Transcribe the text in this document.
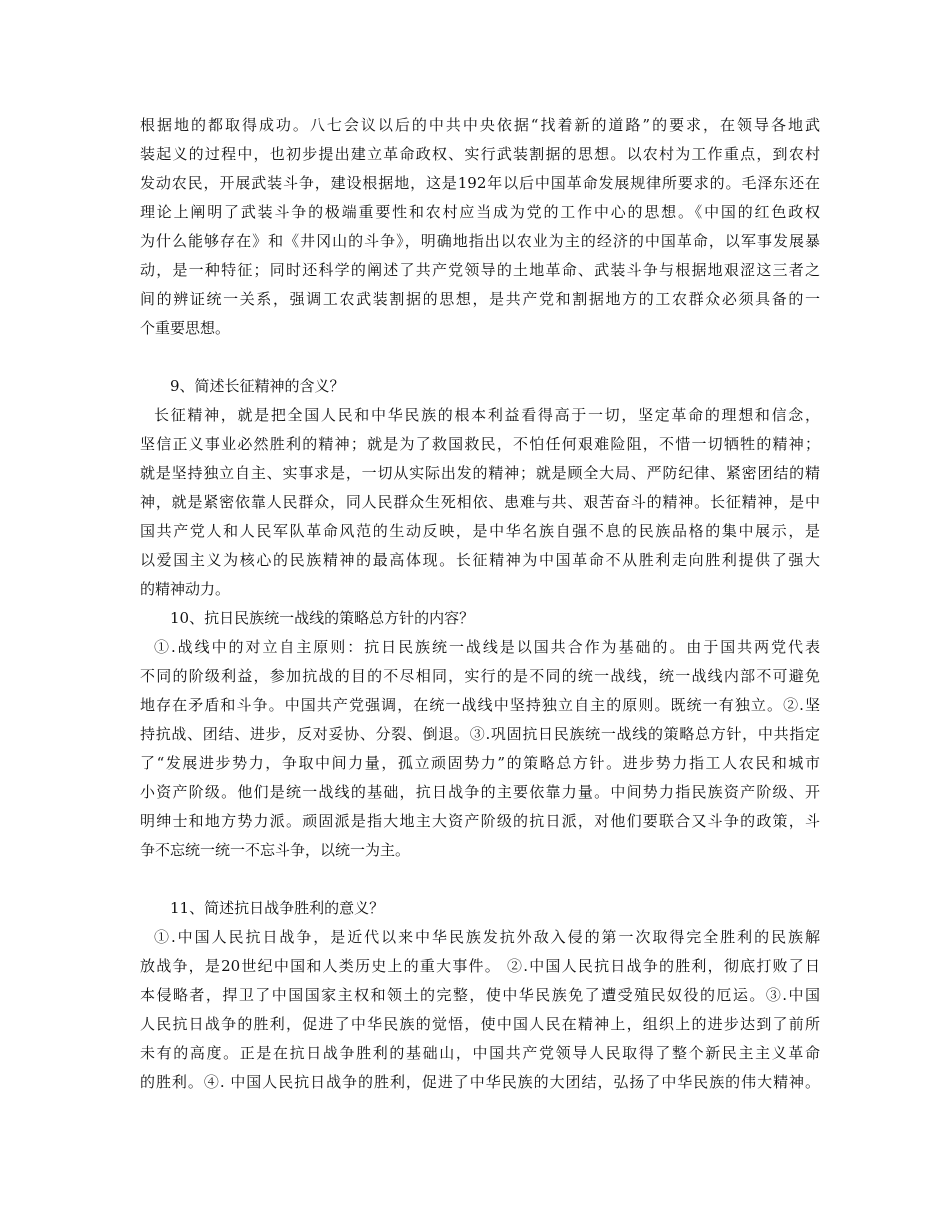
根据地的都取得成功。八七会议以后的中共中央依据“找着新的道路”的要求，在领导各地武
装起义的过程中，也初步提出建立革命政权、实行武装割据的思想。以农村为工作重点，到农村
发动农民，开展武装斗争，建设根据地，这是192年以后中国革命发展规律所要求的。毛泽东还在
理论上阐明了武装斗争的极端重要性和农村应当成为党的工作中心的思想。《中国的红色政权
为什么能够存在》和《井冈山的斗争》，明确地指出以农业为主的经济的中国革命，以军事发展暴
动，是一种特征；同时还科学的阐述了共产党领导的土地革命、武装斗争与根据地艰涩这三者之
间的辨证统一关系，强调工农武装割据的思想，是共产党和割据地方的工农群众必须具备的一
个重要思想。
9、简述长征精神的含义？
长征精神，就是把全国人民和中华民族的根本利益看得高于一切，坚定革命的理想和信念，
坚信正义事业必然胜利的精神；就是为了救国救民，不怕任何艰难险阻，不惜一切牺牲的精神；
就是坚持独立自主、实事求是，一切从实际出发的精神；就是顾全大局、严防纪律、紧密团结的精
神，就是紧密依靠人民群众，同人民群众生死相依、患难与共、艰苦奋斗的精神。长征精神，是中
国共产党人和人民军队革命风范的生动反映，是中华名族自强不息的民族品格的集中展示，是
以爱国主义为核心的民族精神的最高体现。长征精神为中国革命不从胜利走向胜利提供了强大
的精神动力。
10、抗日民族统一战线的策略总方针的内容？
①.战线中的对立自主原则：抗日民族统一战线是以国共合作为基础的。由于国共两党代表
不同的阶级利益，参加抗战的目的不尽相同，实行的是不同的统一战线，统一战线内部不可避免
地存在矛盾和斗争。中国共产党强调，在统一战线中坚持独立自主的原则。既统一有独立。②.坚
持抗战、团结、进步，反对妥协、分裂、倒退。③.巩固抗日民族统一战线的策略总方针，中共指定
了“发展进步势力，争取中间力量，孤立顽固势力”的策略总方针。进步势力指工人农民和城市
小资产阶级。他们是统一战线的基础，抗日战争的主要依靠力量。中间势力指民族资产阶级、开
明绅士和地方势力派。顽固派是指大地主大资产阶级的抗日派，对他们要联合又斗争的政策，斗
争不忘统一统一不忘斗争，以统一为主。
11、简述抗日战争胜利的意义？
①.中国人民抗日战争，是近代以来中华民族发抗外敌入侵的第一次取得完全胜利的民族解
放战争，是20世纪中国和人类历史上的重大事件。 ②.中国人民抗日战争的胜利，彻底打败了日
本侵略者，捍卫了中国国家主权和领土的完整，使中华民族免了遭受殖民奴役的厄运。③.中国
人民抗日战争的胜利，促进了中华民族的觉悟，使中国人民在精神上，组织上的进步达到了前所
未有的高度。正是在抗日战争胜利的基础山，中国共产党领导人民取得了整个新民主主义革命
的胜利。④. 中国人民抗日战争的胜利，促进了中华民族的大团结，弘扬了中华民族的伟大精神。
